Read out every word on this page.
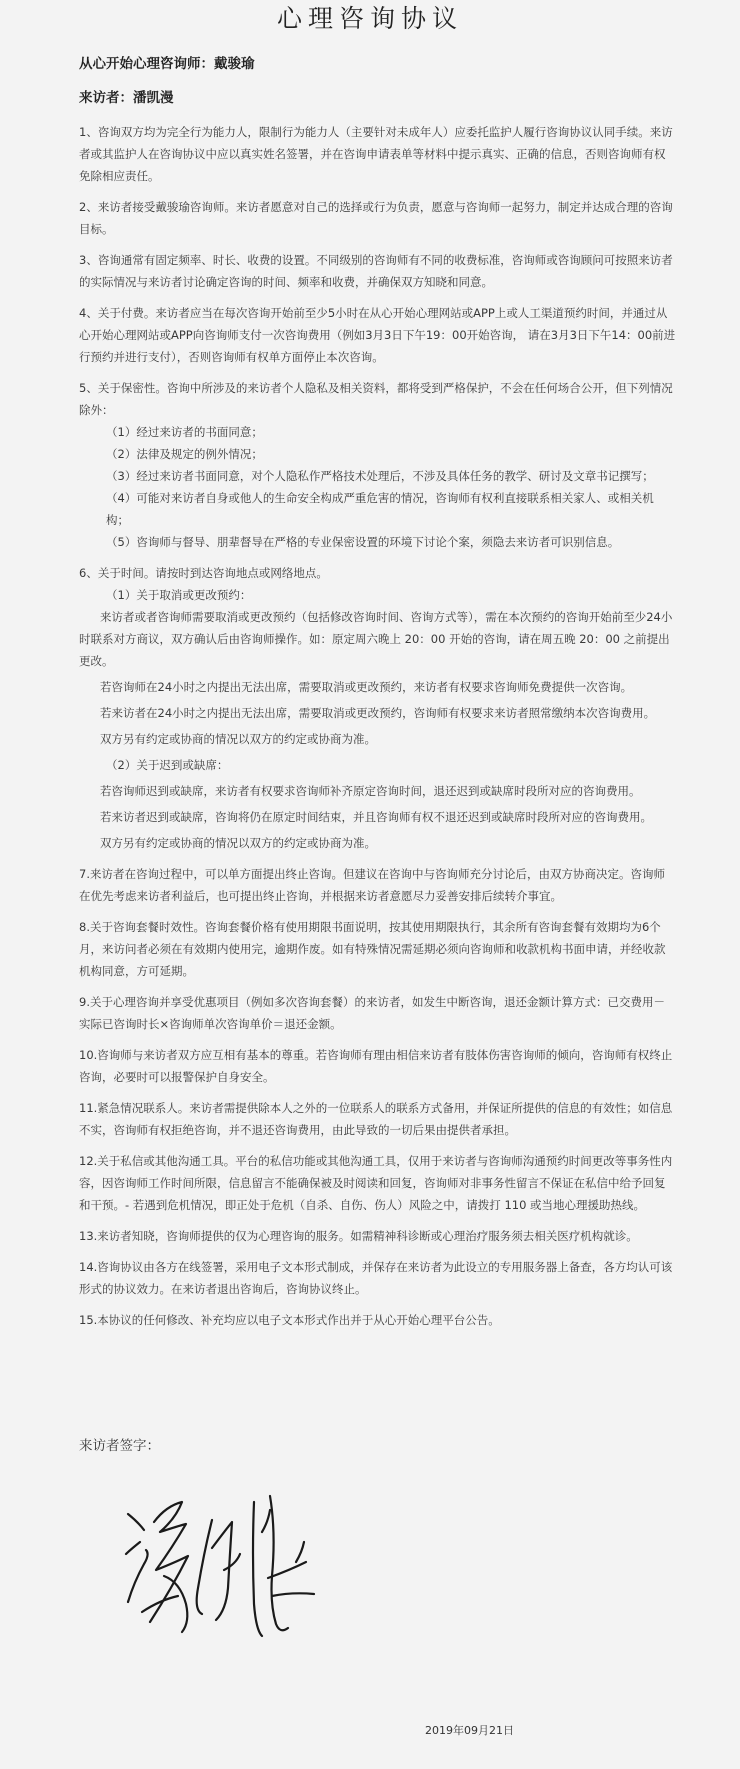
心理咨询协议
从心开始心理咨询师：戴骏瑜
来访者：潘凯漫

1、咨询双方均为完全行为能力人，限制行为能力人（主要针对未成年人）应委托监护人履行咨询协议认同手续。来访者或其监护人在咨询协议中应以真实姓名签署，并在咨询申请表单等材料中提示真实、正确的信息，否则咨询师有权免除相应责任。

2、来访者接受戴骏瑜咨询师。来访者愿意对自己的选择或行为负责，愿意与咨询师一起努力，制定并达成合理的咨询目标。

3、咨询通常有固定频率、时长、收费的设置。不同级别的咨询师有不同的收费标准，咨询师或咨询顾问可按照来访者的实际情况与来访者讨论确定咨询的时间、频率和收费，并确保双方知晓和同意。

4、关于付费。来访者应当在每次咨询开始前至少5小时在从心开始心理网站或APP上或人工渠道预约时间，并通过从心开始心理网站或APP向咨询师支付一次咨询费用（例如3月3日下午19：00开始咨询， 请在3月3日下午14：00前进行预约并进行支付），否则咨询师有权单方面停止本次咨询。

5、关于保密性。咨询中所涉及的来访者个人隐私及相关资料，都将受到严格保护，不会在任何场合公开，但下列情况除外：

（1）经过来访者的书面同意；

（2）法律及规定的例外情况；

（3）经过来访者书面同意，对个人隐私作严格技术处理后，不涉及具体任务的教学、研讨及文章书记撰写；

（4）可能对来访者自身或他人的生命安全构成严重危害的情况，咨询师有权利直接联系相关家人、或相关机构；

（5）咨询师与督导、朋辈督导在严格的专业保密设置的环境下讨论个案，须隐去来访者可识别信息。

6、关于时间。请按时到达咨询地点或网络地点。

（1）关于取消或更改预约：

来访者或者咨询师需要取消或更改预约（包括修改咨询时间、咨询方式等），需在本次预约的咨询开始前至少24小时联系对方商议，双方确认后由咨询师操作。如：原定周六晚上 20：00 开始的咨询，请在周五晚 20：00 之前提出更改。

若咨询师在24小时之内提出无法出席，需要取消或更改预约，来访者有权要求咨询师免费提供一次咨询。

若来访者在24小时之内提出无法出席，需要取消或更改预约，咨询师有权要求来访者照常缴纳本次咨询费用。

双方另有约定或协商的情况以双方的约定或协商为准。

（2）关于迟到或缺席：

若咨询师迟到或缺席，来访者有权要求咨询师补齐原定咨询时间，退还迟到或缺席时段所对应的咨询费用。

若来访者迟到或缺席，咨询将仍在原定时间结束，并且咨询师有权不退还迟到或缺席时段所对应的咨询费用。

双方另有约定或协商的情况以双方的约定或协商为准。

7.来访者在咨询过程中，可以单方面提出终止咨询。但建议在咨询中与咨询师充分讨论后，由双方协商决定。咨询师在优先考虑来访者利益后，也可提出终止咨询，并根据来访者意愿尽力妥善安排后续转介事宜。

8.关于咨询套餐时效性。咨询套餐价格有使用期限书面说明，按其使用期限执行，其余所有咨询套餐有效期均为6个月，来访问者必须在有效期内使用完，逾期作废。如有特殊情况需延期必须向咨询师和收款机构书面申请，并经收款机构同意，方可延期。

9.关于心理咨询并享受优惠项目（例如多次咨询套餐）的来访者，如发生中断咨询，退还金额计算方式：已交费用－实际已咨询时长×咨询师单次咨询单价＝退还金额。

10.咨询师与来访者双方应互相有基本的尊重。若咨询师有理由相信来访者有肢体伤害咨询师的倾向，咨询师有权终止咨询，必要时可以报警保护自身安全。

11.紧急情况联系人。来访者需提供除本人之外的一位联系人的联系方式备用，并保证所提供的信息的有效性；如信息不实，咨询师有权拒绝咨询，并不退还咨询费用，由此导致的一切后果由提供者承担。

12.关于私信或其他沟通工具。平台的私信功能或其他沟通工具，仅用于来访者与咨询师沟通预约时间更改等事务性内容，因咨询师工作时间所限，信息留言不能确保被及时阅读和回复，咨询师对非事务性留言不保证在私信中给予回复和干预。- 若遇到危机情况，即正处于危机（自杀、自伤、伤人）风险之中，请拨打 110 或当地心理援助热线。

13.来访者知晓，咨询师提供的仅为心理咨询的服务。如需精神科诊断或心理治疗服务须去相关医疗机构就诊。

14.咨询协议由各方在线签署，采用电子文本形式制成，并保存在来访者为此设立的专用服务器上备查，各方均认可该形式的协议效力。在来访者退出咨询后，咨询协议终止。

15.本协议的任何修改、补充均应以电子文本形式作出并于从心开始心理平台公告。

来访者签字：
2019年09月21日
